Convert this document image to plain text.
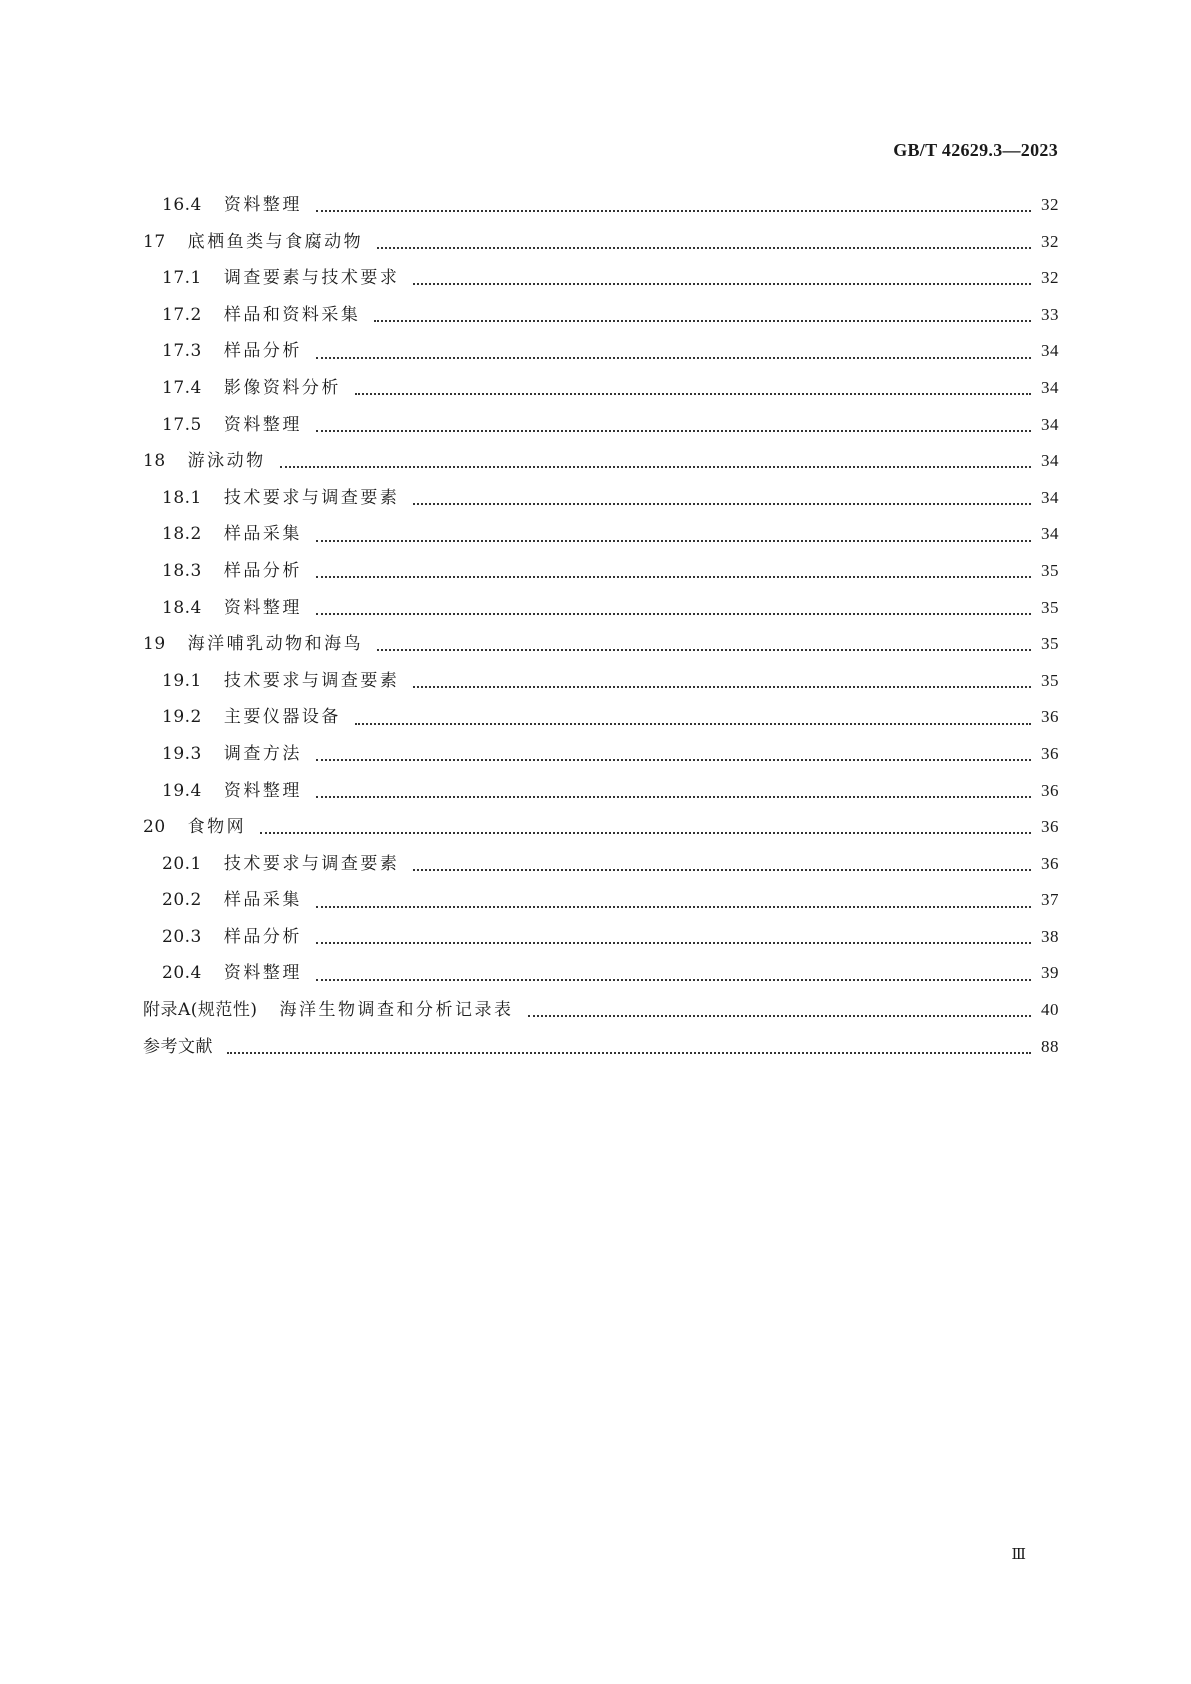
GB/T 42629.3—2023
16.4 资料整理	32
17 底栖鱼类与食腐动物	32
17.1 调查要素与技术要求	32
17.2 样品和资料采集	33
17.3 样品分析	34
17.4 影像资料分析	34
17.5 资料整理	34
18 游泳动物	34
18.1 技术要求与调查要素	34
18.2 样品采集	34
18.3 样品分析	35
18.4 资料整理	35
19 海洋哺乳动物和海鸟	35
19.1 技术要求与调查要素	35
19.2 主要仪器设备	36
19.3 调查方法	36
19.4 资料整理	36
20 食物网	36
20.1 技术要求与调查要素	36
20.2 样品采集	37
20.3 样品分析	38
20.4 资料整理	39
附录A(规范性) 海洋生物调查和分析记录表	40
参考文献	88
Ⅲ
